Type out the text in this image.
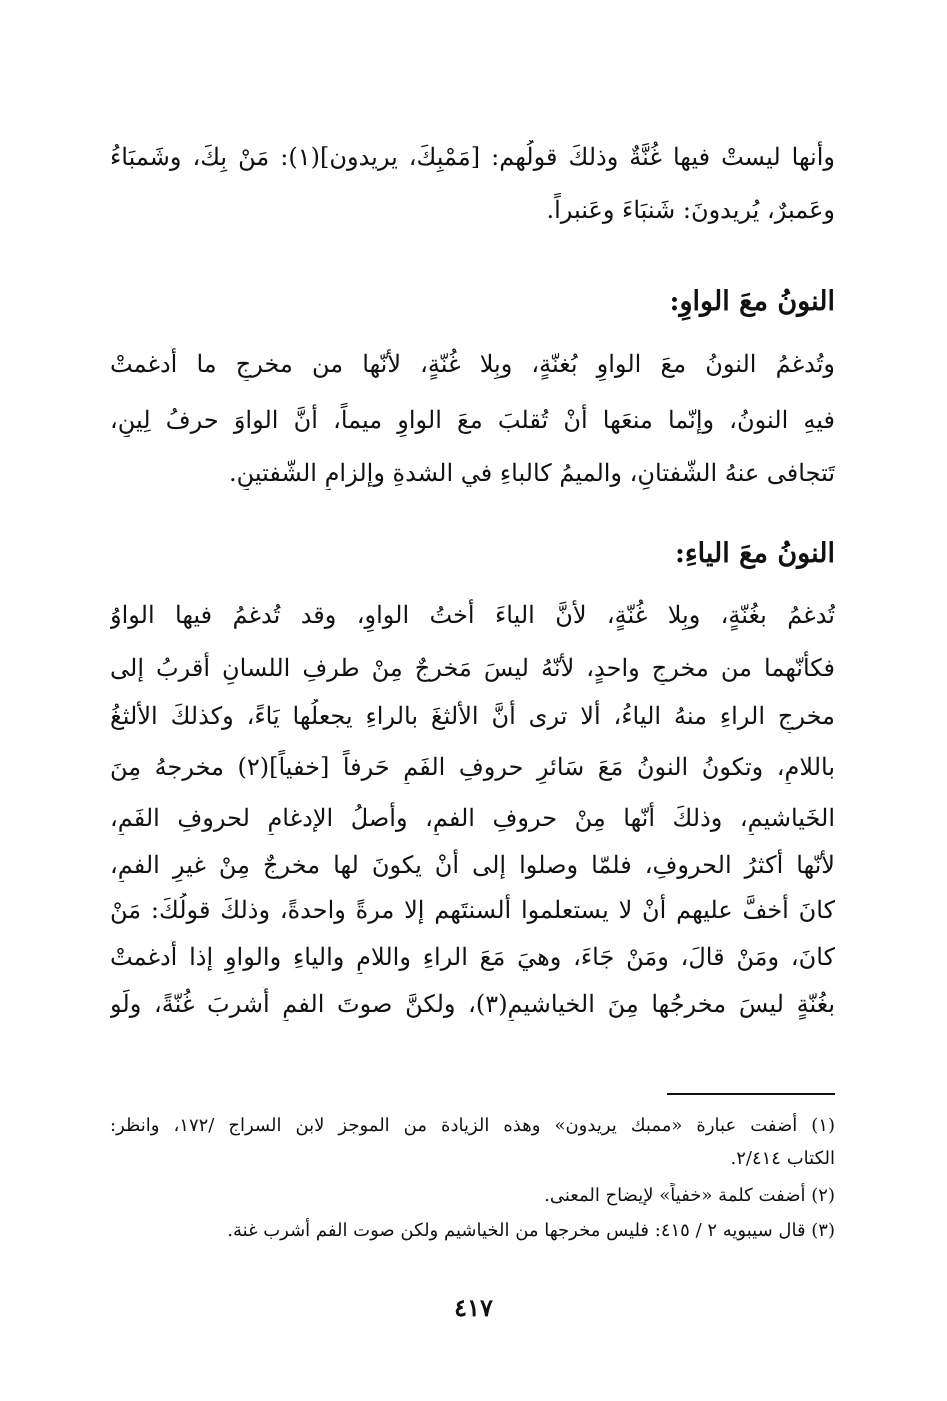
وأَنها ليستْ فيها غُنَّةٌ وذلكَ قولُهم: [مَمْبِكَ، يريدون](١): مَنْ بِكَ، وشَمبَاءُ
وعَمبرٌ، يُريدونَ: شَنبَاءَ وعَنبراً.
النونُ معَ الواوِ:
وتُدغمُ النونُ معَ الواوِ بُغنّةٍ، وبِلا غُنّةٍ، لأنّها من مخرجٍ ما أُدغمتْ
فيهِ النونُ، وإنّما منعَها أنْ تُقلبَ معَ الواوِ ميماً، أنَّ الواوَ حرفُ لِينٍ،
تَتجافى عنهُ الشّفتانِ، والميمُ كالباءِ في الشدةِ وإلزامِ الشّفتينِ.
النونُ معَ الياءِ:
تُدغمُ بغُنّةٍ، وبِلا غُنّةٍ، لأنَّ الياءَ أُختُ الواوِ، وقد تُدغمُ فيها الواوُ
فكأنّهما من مخرجٍ واحدٍ، لأنّهُ ليسَ مَخرجٌ مِنْ طرفِ اللسانِ أقربُ إلى
مخرجِ الراءِ منهُ الياءُ، ألا ترى أنَّ الألثغَ بالراءِ يجعلُها يَاءً، وكذلكَ الألثغُ
باللامِ، وتكونُ النونُ مَعَ سَائرِ حروفِ الفَمِ حَرفاً [خفياً](٢) مخرجهُ مِنَ
الخَياشيمِ، وذلكَ أنّها مِنْ حروفِ الفمِ، وأصلُ الإدغامِ لحروفِ الفَمِ،
لأنّها أكثرُ الحروفِ، فلمّا وصلوا إلى أنْ يكونَ لها مخرجٌ مِنْ غيرِ الفمِ،
كانَ أخفَّ عليهم أنْ لا يستعلموا ألسنتَهم إلا مرةً واحدةً، وذلكَ قولُكَ: مَنْ
كانَ، ومَنْ قالَ، ومَنْ جَاءَ، وهيَ مَعَ الراءِ واللامِ والياءِ والواوِ إذا أُدغمتْ
بغُنّةٍ ليسَ مخرجُها مِنَ الخياشيمِ(٣)، ولكنَّ صوتَ الفمِ أُشربَ غُنّةً، ولَو
(١) أضفت عبارة «ممبك يريدون» وهذه الزيادة من الموجز لابن السراج /١٧٢، وانظر:
الكتاب ٢/٤١٤.
(٢) أضفت كلمة «خفياً» لإيضاح المعنى.
(٣) قال سيبويه ٢ / ٤١٥: فليس مخرجها من الخياشيم ولكن صوت الفم أُشرب غنة.
٤١٧
